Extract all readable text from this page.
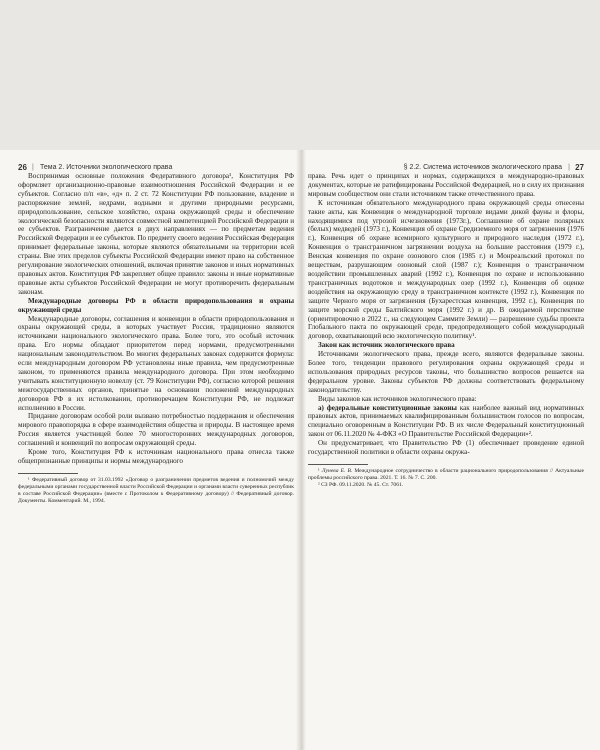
26 | Тема 2. Источники экологического права

Воспринимая основные положения Федеративного договора¹, Конституция РФ оформляет организационно-правовые взаимоотношения Российской Федерации и ее субъектов. Согласно п/п «в», «д» п. 2 ст. 72 Конституции РФ пользование, владение и распоряжение землей, недрами, водными и другими природными ресурсами, природопользование, сельское хозяйство, охрана окружающей среды и обеспечение экологической безопасности являются совместной компетенцией Российской Федерации и ее субъектов. Разграничение дается в двух направлениях — по предметам ведения Российской Федерации и ее субъектов. По предмету своего ведения Российская Федерация принимает федеральные законы, которые являются обязательными на территории всей страны. Вне этих пределов субъекты Российской Федерации имеют право на собственное регулирование экологических отношений, включая принятие законов и иных нормативных правовых актов. Конституция РФ закрепляет общее правило: законы и иные нормативные правовые акты субъектов Российской Федерации не могут противоречить федеральным законам.

Международные договоры РФ в области природопользования и охраны окружающей среды

Международные договоры, соглашения и конвенции в области природопользования и охраны окружающей среды, в которых участвует Россия, традиционно являются источниками национального экологического права. Более того, это особый источник права. Его нормы обладают приоритетом перед нормами, предусмотренными национальным законодательством. Во многих федеральных законах содержится формула: если международным договором РФ установлены иные правила, чем предусмотренные законом, то применяются правила международного договора. При этом необходимо учитывать конституционную новеллу (ст. 79 Конституции РФ), согласно которой решения межгосударственных органов, принятые на основании положений международных договоров РФ в их истолковании, противоречащем Конституции РФ, не подлежат исполнению в России.

Придание договорам особой роли вызвано потребностью поддержания и обеспечения мирового правопорядка в сфере взаимодействия общества и природы. В настоящее время Россия является участницей более 70 многосторонних международных договоров, соглашений и конвенций по вопросам окружающей среды.

Кроме того, Конституция РФ к источникам национального права отнесла также общепризнанные принципы и нормы международного

¹ Федеративный договор от 31.03.1992 «Договор о разграничении предметов ведения и полномочий между федеральными органами государственной власти Российской Федерации и органами власти суверенных республик в составе Российской Федерации» (вместе с Протоколом к Федеративному договору) // Федеративный договор. Документы. Комментарий. М., 1994.

§ 2.2. Система источников экологического права | 27

права. Речь идет о принципах и нормах, содержащихся в международно-правовых документах, которые не ратифицированы Российской Федерацией, но в силу их признания мировым сообществом они стали источником также отечественного права.

К источникам обязательного международного права окружающей среды отнесены такие акты, как Конвенция о международной торговле видами дикой фауны и флоры, находящимися под угрозой исчезновения (1973г.), Соглашение об охране полярных (белых) медведей (1973 г.), Конвенция об охране Средиземного моря от загрязнения (1976 г.), Конвенция об охране всемирного культурного и природного наследия (1972 г.), Конвенция о трансграничном загрязнении воздуха на большие расстояния (1979 г.), Венская конвенция по охране озонового слоя (1985 г.) и Монреальский протокол по веществам, разрушающим озоновый слой (1987 г.); Конвенция о трансграничном воздействии промышленных аварий (1992 г.), Конвенция по охране и использованию трансграничных водотоков и международных озер (1992 г.), Конвенция об оценке воздействия на окружающую среду в трансграничном контексте (1992 г.), Конвенция по защите Черного моря от загрязнения (Бухарестская конвенция, 1992 г.), Конвенция по защите морской среды Балтийского моря (1992 г.) и др. В ожидаемой перспективе (ориентировочно в 2022 г., на следующем Саммите Земли) — разрешение судьбы проекта Глобального пакта по окружающей среде, предопределяющего собой международный договор, охватывающий всю экологическую политику¹.

Закон как источник экологического права

Источниками экологического права, прежде всего, являются федеральные законы. Более того, тенденции правового регулирования охраны окружающей среды и использования природных ресурсов таковы, что большинство вопросов решается на федеральном уровне. Законы субъектов РФ должны соответствовать федеральному законодательству.

Виды законов как источников экологического права:

а) федеральные конституционные законы как наиболее важный вид нормативных правовых актов, принимаемых квалифицированным большинством голосов по вопросам, специально оговоренным в Конституции РФ. В их числе Федеральный конституционный закон от 06.11.2020 № 4-ФКЗ «О Правительстве Российской Федерации»².

Он предусматривает, что Правительство РФ (1) обеспечивает проведение единой государственной политики в области охраны окружа-

¹ Лунева Е. В. Международное сотрудничество в области рационального природопользования // Актуальные проблемы российского права. 2021. Т. 16. № 7. С. 200.

² СЗ РФ. 09.11.2020. № 45. Ст. 7061.
